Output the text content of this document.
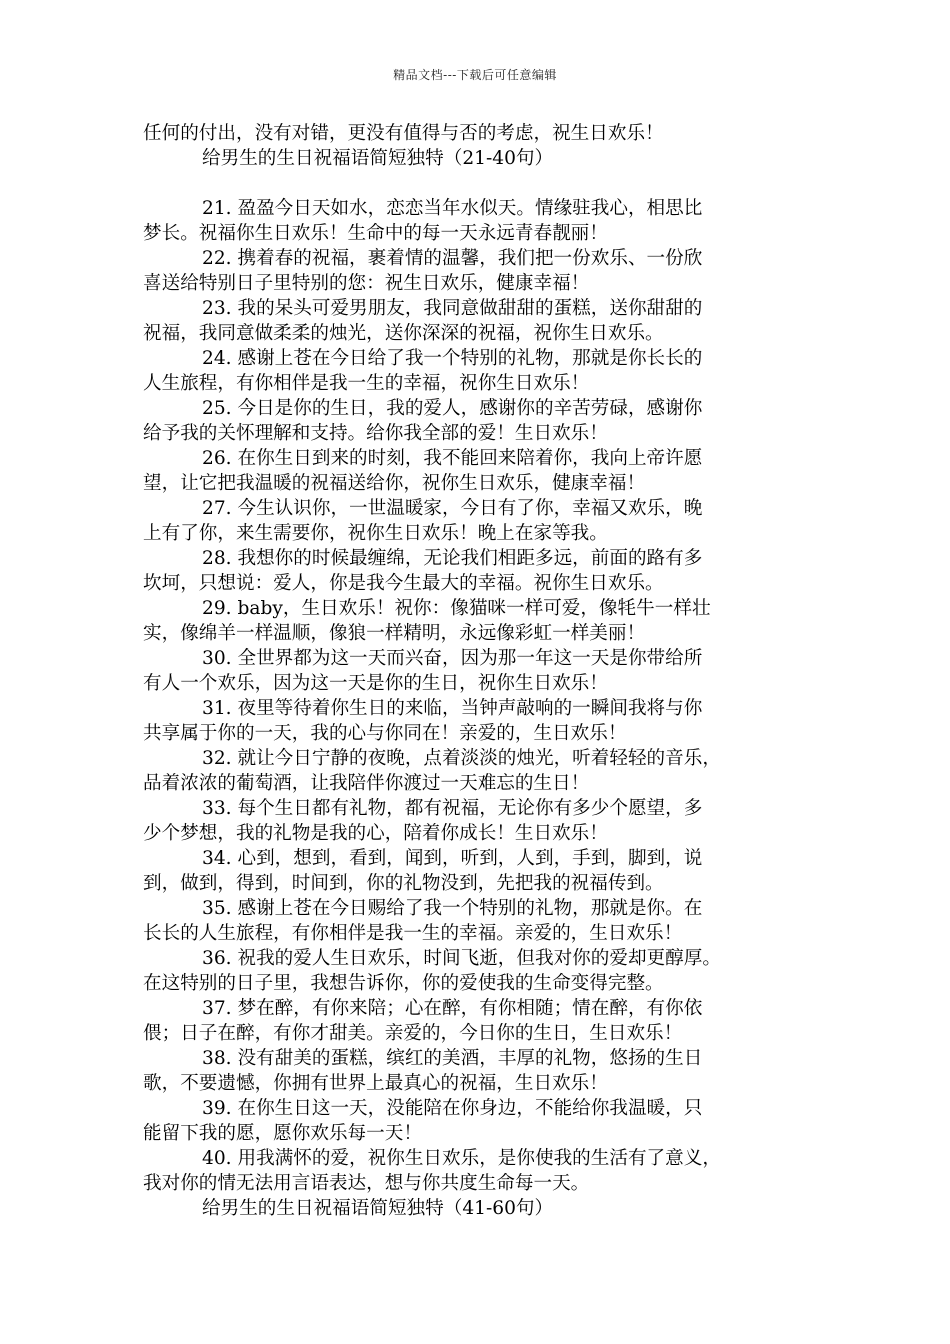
精品文档---下载后可任意编辑
任何的付出，没有对错，更没有值得与否的考虑，祝生日欢乐！
给男生的生日祝福语简短独特（21-40句）
21. 盈盈今日天如水，恋恋当年水似天。情缘驻我心，相思比
梦长。祝福你生日欢乐！生命中的每一天永远青春靓丽！
22. 携着春的祝福，裹着情的温馨，我们把一份欢乐、一份欣
喜送给特别日子里特别的您：祝生日欢乐，健康幸福！
23. 我的呆头可爱男朋友，我同意做甜甜的蛋糕，送你甜甜的
祝福，我同意做柔柔的烛光，送你深深的祝福，祝你生日欢乐。
24. 感谢上苍在今日给了我一个特别的礼物，那就是你长长的
人生旅程，有你相伴是我一生的幸福，祝你生日欢乐！
25. 今日是你的生日，我的爱人，感谢你的辛苦劳碌，感谢你
给予我的关怀理解和支持。给你我全部的爱！生日欢乐！
26. 在你生日到来的时刻，我不能回来陪着你，我向上帝许愿
望，让它把我温暖的祝福送给你，祝你生日欢乐，健康幸福！
27. 今生认识你，一世温暖家，今日有了你，幸福又欢乐，晚
上有了你，来生需要你，祝你生日欢乐！晚上在家等我。
28. 我想你的时候最缠绵，无论我们相距多远，前面的路有多
坎坷，只想说：爱人，你是我今生最大的幸福。祝你生日欢乐。
29. baby，生日欢乐！祝你：像猫咪一样可爱，像牦牛一样壮
实，像绵羊一样温顺，像狼一样精明，永远像彩虹一样美丽！
30. 全世界都为这一天而兴奋，因为那一年这一天是你带给所
有人一个欢乐，因为这一天是你的生日，祝你生日欢乐！
31. 夜里等待着你生日的来临，当钟声敲响的一瞬间我将与你
共享属于你的一天，我的心与你同在！亲爱的，生日欢乐！
32. 就让今日宁静的夜晚，点着淡淡的烛光，听着轻轻的音乐，
品着浓浓的葡萄酒，让我陪伴你渡过一天难忘的生日！
33. 每个生日都有礼物，都有祝福，无论你有多少个愿望，多
少个梦想，我的礼物是我的心，陪着你成长！生日欢乐！
34. 心到，想到，看到，闻到，听到，人到，手到，脚到，说
到，做到，得到，时间到，你的礼物没到，先把我的祝福传到。
35. 感谢上苍在今日赐给了我一个特别的礼物，那就是你。在
长长的人生旅程，有你相伴是我一生的幸福。亲爱的，生日欢乐！
36. 祝我的爱人生日欢乐，时间飞逝，但我对你的爱却更醇厚。
在这特别的日子里，我想告诉你，你的爱使我的生命变得完整。
37. 梦在醉，有你来陪；心在醉，有你相随；情在醉，有你依
偎；日子在醉，有你才甜美。亲爱的，今日你的生日，生日欢乐！
38. 没有甜美的蛋糕，缤红的美酒，丰厚的礼物，悠扬的生日
歌，不要遗憾，你拥有世界上最真心的祝福，生日欢乐！
39. 在你生日这一天，没能陪在你身边，不能给你我温暖，只
能留下我的愿，愿你欢乐每一天！
40. 用我满怀的爱，祝你生日欢乐，是你使我的生活有了意义，
我对你的情无法用言语表达，想与你共度生命每一天。
给男生的生日祝福语简短独特（41-60句）
